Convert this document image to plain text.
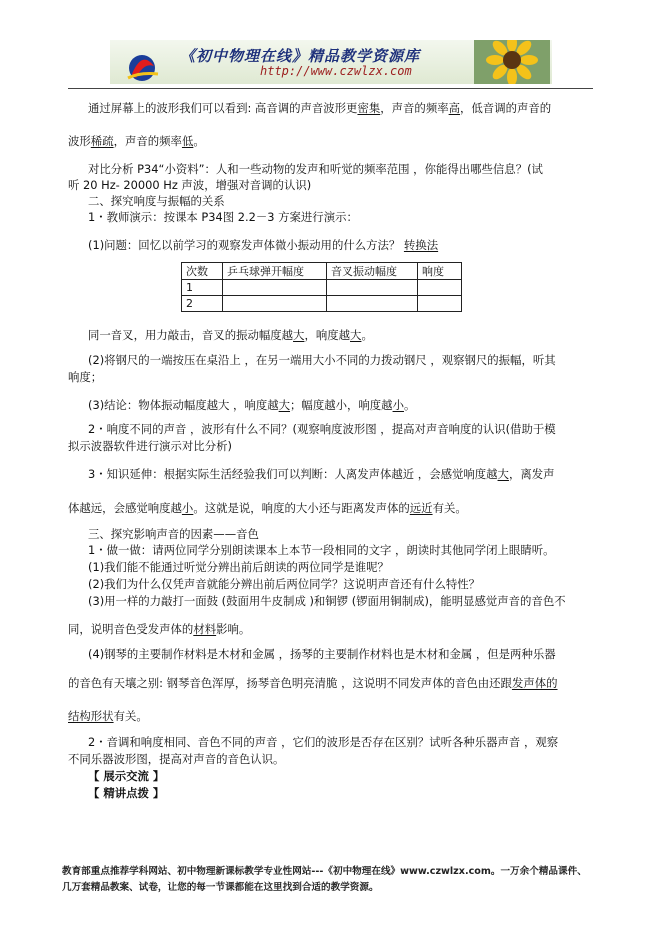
《初中物理在线》精品教学资源库
http://www.czwlzx.com
通过屏幕上的波形我们可以看到: 高音调的声音波形更密集，声音的频率高，低音调的声音的
波形稀疏，声音的频率低。
对比分析 P34“小资料”：人和一些动物的发声和听觉的频率范围 ，你能得出哪些信息？(试
听 20 Hz- 20000 Hz 声波，增强对音调的认识)
二、探究响度与振幅的关系
1・教师演示：按课本 P34图 2.2－3 方案进行演示：
(1)问题：回忆以前学习的观察发声体微小振动用的什么方法？ 转换法
次数	乒乓球弹开幅度	音叉振动幅度	响度
1			
2			
同一音叉，用力敲击，音叉的振动幅度越大，响度越大。
(2)将钢尺的一端按压在桌沿上 ，在另一端用大小不同的力拨动钢尺 ，观察钢尺的振幅，听其
响度；
(3)结论：物体振动幅度越大 ，响度越大；幅度越小，响度越小。
2・响度不同的声音 ，波形有什么不同？(观察响度波形图 ，提高对声音响度的认识(借助于模
拟示波器软件进行演示对比分析)
3・知识延伸：根据实际生活经验我们可以判断：人离发声体越近 ，会感觉响度越大，离发声
体越远，会感觉响度越小。这就是说，响度的大小还与距离发声体的远近有关。
三、探究影响声音的因素——音色
1・做一做：请两位同学分别朗读课本上本节一段相同的文字 ，朗读时其他同学闭上眼睛听。
(1)我们能不能通过听觉分辨出前后朗读的两位同学是谁呢？
(2)我们为什么仅凭声音就能分辨出前后两位同学？这说明声音还有什么特性？
(3)用一样的力敲打一面鼓 (鼓面用牛皮制成 )和铜锣 (锣面用铜制成)，能明显感觉声音的音色不
同，说明音色受发声体的材料影响。
(4)钢琴的主要制作材料是木材和金属 ，扬琴的主要制作材料也是木材和金属 ，但是两种乐器
的音色有天壤之别: 钢琴音色浑厚，扬琴音色明亮清脆 ，这说明不同发声体的音色由还跟发声体的
结构形状有关。
2・音调和响度相同、音色不同的声音 ，它们的波形是否存在区别？试听各种乐器声音 ，观察
不同乐器波形图，提高对声音的音色认识。
【 展示交流 】
【 精讲点拨 】
教育部重点推荐学科网站、初中物理新课标教学专业性网站---《初中物理在线》www.czwlzx.com。一万余个精品课件、
几万套精品教案、试卷，让您的每一节课都能在这里找到合适的教学资源。
